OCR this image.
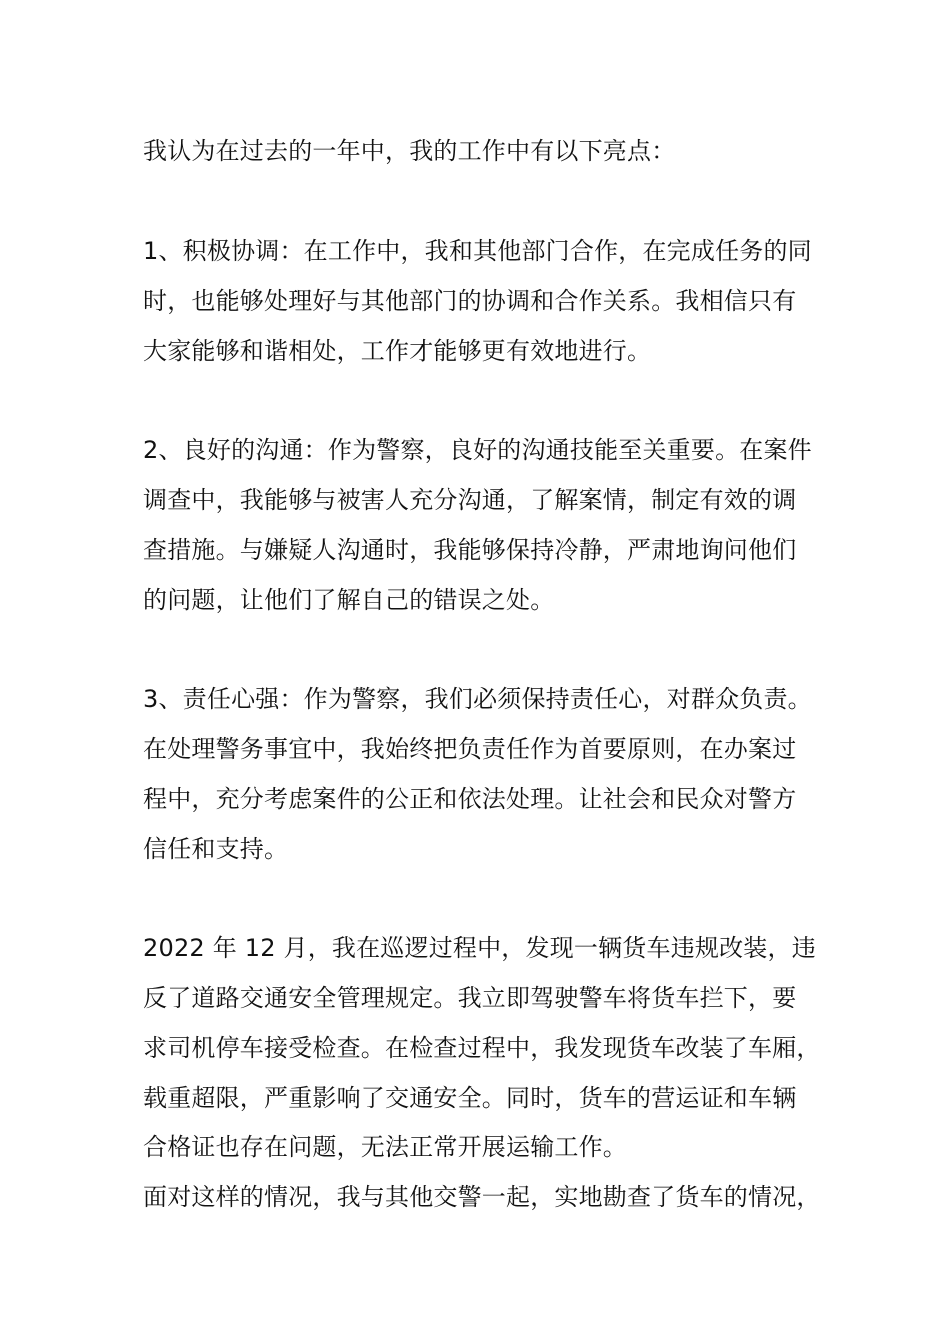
我认为在过去的一年中，我的工作中有以下亮点：
1、积极协调：在工作中，我和其他部门合作，在完成任务的同
时，也能够处理好与其他部门的协调和合作关系。我相信只有
大家能够和谐相处，工作才能够更有效地进行。
2、良好的沟通：作为警察，良好的沟通技能至关重要。在案件
调查中，我能够与被害人充分沟通，了解案情，制定有效的调
查措施。与嫌疑人沟通时，我能够保持冷静，严肃地询问他们
的问题，让他们了解自己的错误之处。
3、责任心强：作为警察，我们必须保持责任心，对群众负责。
在处理警务事宜中，我始终把负责任作为首要原则，在办案过
程中，充分考虑案件的公正和依法处理。让社会和民众对警方
信任和支持。
2022 年 12 月，我在巡逻过程中，发现一辆货车违规改装，违
反了道路交通安全管理规定。我立即驾驶警车将货车拦下，要
求司机停车接受检查。在检查过程中，我发现货车改装了车厢，
载重超限，严重影响了交通安全。同时，货车的营运证和车辆
合格证也存在问题，无法正常开展运输工作。
面对这样的情况，我与其他交警一起，实地勘查了货车的情况，
